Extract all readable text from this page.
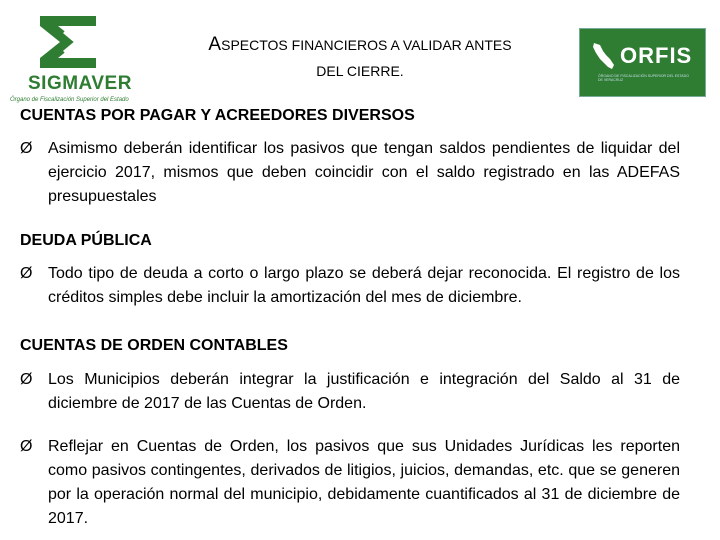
SIGMAVER
Órgano de Fiscalización Superior del Estado
ASPECTOS FINANCIEROS A VALIDAR ANTES
DEL CIERRE.
ORFIS
ÓRGANO DE FISCALIZACIÓN SUPERIOR DEL ESTADO DE VERACRUZ
CUENTAS POR PAGAR Y ACREEDORES DIVERSOS
Ø Asimismo deberán identificar los pasivos que tengan saldos pendientes de liquidar del ejercicio 2017, mismos que deben coincidir con el saldo registrado en las ADEFAS presupuestales
DEUDA PÚBLICA
Ø Todo tipo de deuda a corto o largo plazo se deberá dejar reconocida. El registro de los créditos simples debe incluir la amortización del mes de diciembre.
CUENTAS DE ORDEN CONTABLES
Ø Los Municipios deberán integrar la justificación e integración del Saldo al 31 de diciembre de 2017 de las Cuentas de Orden.
Ø Reflejar en Cuentas de Orden, los pasivos que sus Unidades Jurídicas les reporten como pasivos contingentes, derivados de litigios, juicios, demandas, etc. que se generen por la operación normal del municipio, debidamente cuantificados al 31 de diciembre de 2017.
